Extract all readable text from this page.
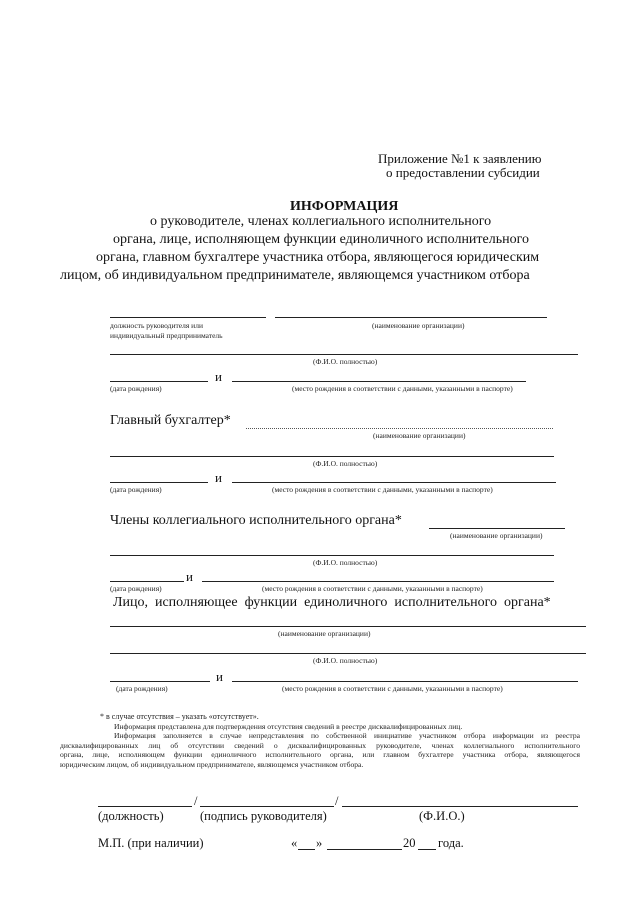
Приложение №1 к заявлению
о предоставлении субсидии
ИНФОРМАЦИЯ
о руководителе, членах коллегиального исполнительного
органа, лице, исполняющем функции единоличного исполнительного
органа, главном бухгалтере участника отбора, являющегося юридическим
лицом, об индивидуальном предпринимателе, являющемся участником отбора
должность руководителя или
индивидуальный предприниматель
(наименование организации)
(Ф.И.О. полностью)
и
(дата рождения)	(место рождения в соответствии с данными, указанными в паспорте)
Главный бухгалтер*
(наименование организации)
(Ф.И.О. полностью)
и
(дата рождения)	(место рождения в соответствии с данными, указанными в паспорте)
Члены коллегиального исполнительного органа*
(наименование организации)
(Ф.И.О. полностью)
и
(дата рождения)	(место рождения в соответствии с данными, указанными в паспорте)
Лицо, исполняющее функции единоличного исполнительного органа*
(наименование организации)
(Ф.И.О. полностью)
и
(дата рождения)	(место рождения в соответствии с данными, указанными в паспорте)
* в случае отсутствия – указать «отсутствует».
Информация представлена для подтверждения отсутствия сведений в реестре дисквалифицированных лиц.
Информация заполняется в случае непредставления по собственной инициативе участником отбора информации из реестра
дисквалифицированных лиц об отсутствии сведений о дисквалифицированных руководителе, членах коллегиального исполнительного
органа, лице, исполняющем функции единоличного исполнительного органа, или главном бухгалтере участника отбора, являющегося
юридическим лицом, об индивидуальном предпринимателе, являющемся участником отбора.
/	/
(должность)	(подпись руководителя)	(Ф.И.О.)
М.П. (при наличии)	« »	20 года.
